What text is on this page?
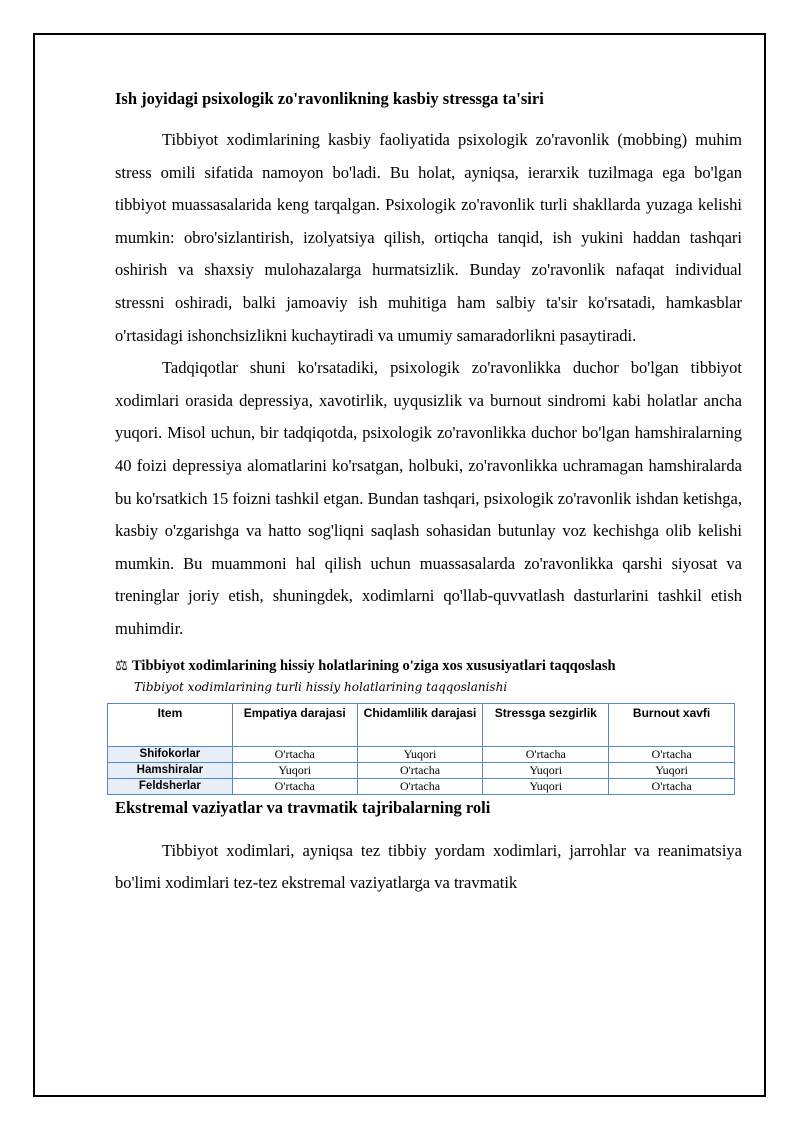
Ish joyidagi psixologik zo'ravonlikning kasbiy stressga ta'siri

Tibbiyot xodimlarining kasbiy faoliyatida psixologik zo'ravonlik (mobbing) muhim stress omili sifatida namoyon bo'ladi. Bu holat, ayniqsa, ierarxik tuzilmaga ega bo'lgan tibbiyot muassasalarida keng tarqalgan. Psixologik zo'ravonlik turli shakllarda yuzaga kelishi mumkin: obro'sizlantirish, izolyatsiya qilish, ortiqcha tanqid, ish yukini haddan tashqari oshirish va shaxsiy mulohazalarga hurmatsizlik. Bunday zo'ravonlik nafaqat individual stressni oshiradi, balki jamoaviy ish muhitiga ham salbiy ta'sir ko'rsatadi, hamkasblar o'rtasidagi ishonchsizlikni kuchaytiradi va umumiy samaradorlikni pasaytiradi.

Tadqiqotlar shuni ko'rsatadiki, psixologik zo'ravonlikka duchor bo'lgan tibbiyot xodimlari orasida depressiya, xavotirlik, uyqusizlik va burnout sindromi kabi holatlar ancha yuqori. Misol uchun, bir tadqiqotda, psixologik zo'ravonlikka duchor bo'lgan hamshiralarning 40 foizi depressiya alomatlarini ko'rsatgan, holbuki, zo'ravonlikka uchramagan hamshiralarda bu ko'rsatkich 15 foizni tashkil etgan. Bundan tashqari, psixologik zo'ravonlik ishdan ketishga, kasbiy o'zgarishga va hatto sog'liqni saqlash sohasidan butunlay voz kechishga olib kelishi mumkin. Bu muammoni hal qilish uchun muassasalarda zo'ravonlikka qarshi siyosat va treninglar joriy etish, shuningdek, xodimlarni qo'llab-quvvatlash dasturlarini tashkil etish muhimdir.

⚖ Tibbiyot xodimlarining hissiy holatlarining o'ziga xos xususiyatlari taqqoslash
Tibbiyot xodimlarining turli hissiy holatlarining taqqoslanishi
Item	Empatiya darajasi	Chidamlilik darajasi	Stressga sezgirlik	Burnout xavfi
Shifokorlar	O'rtacha	Yuqori	O'rtacha	O'rtacha
Hamshiralar	Yuqori	O'rtacha	Yuqori	Yuqori
Feldsherlar	O'rtacha	O'rtacha	Yuqori	O'rtacha
Ekstremal vaziyatlar va travmatik tajribalarning roli

Tibbiyot xodimlari, ayniqsa tez tibbiy yordam xodimlari, jarrohlar va reanimatsiya bo'limi xodimlari tez-tez ekstremal vaziyatlarga va travmatik
